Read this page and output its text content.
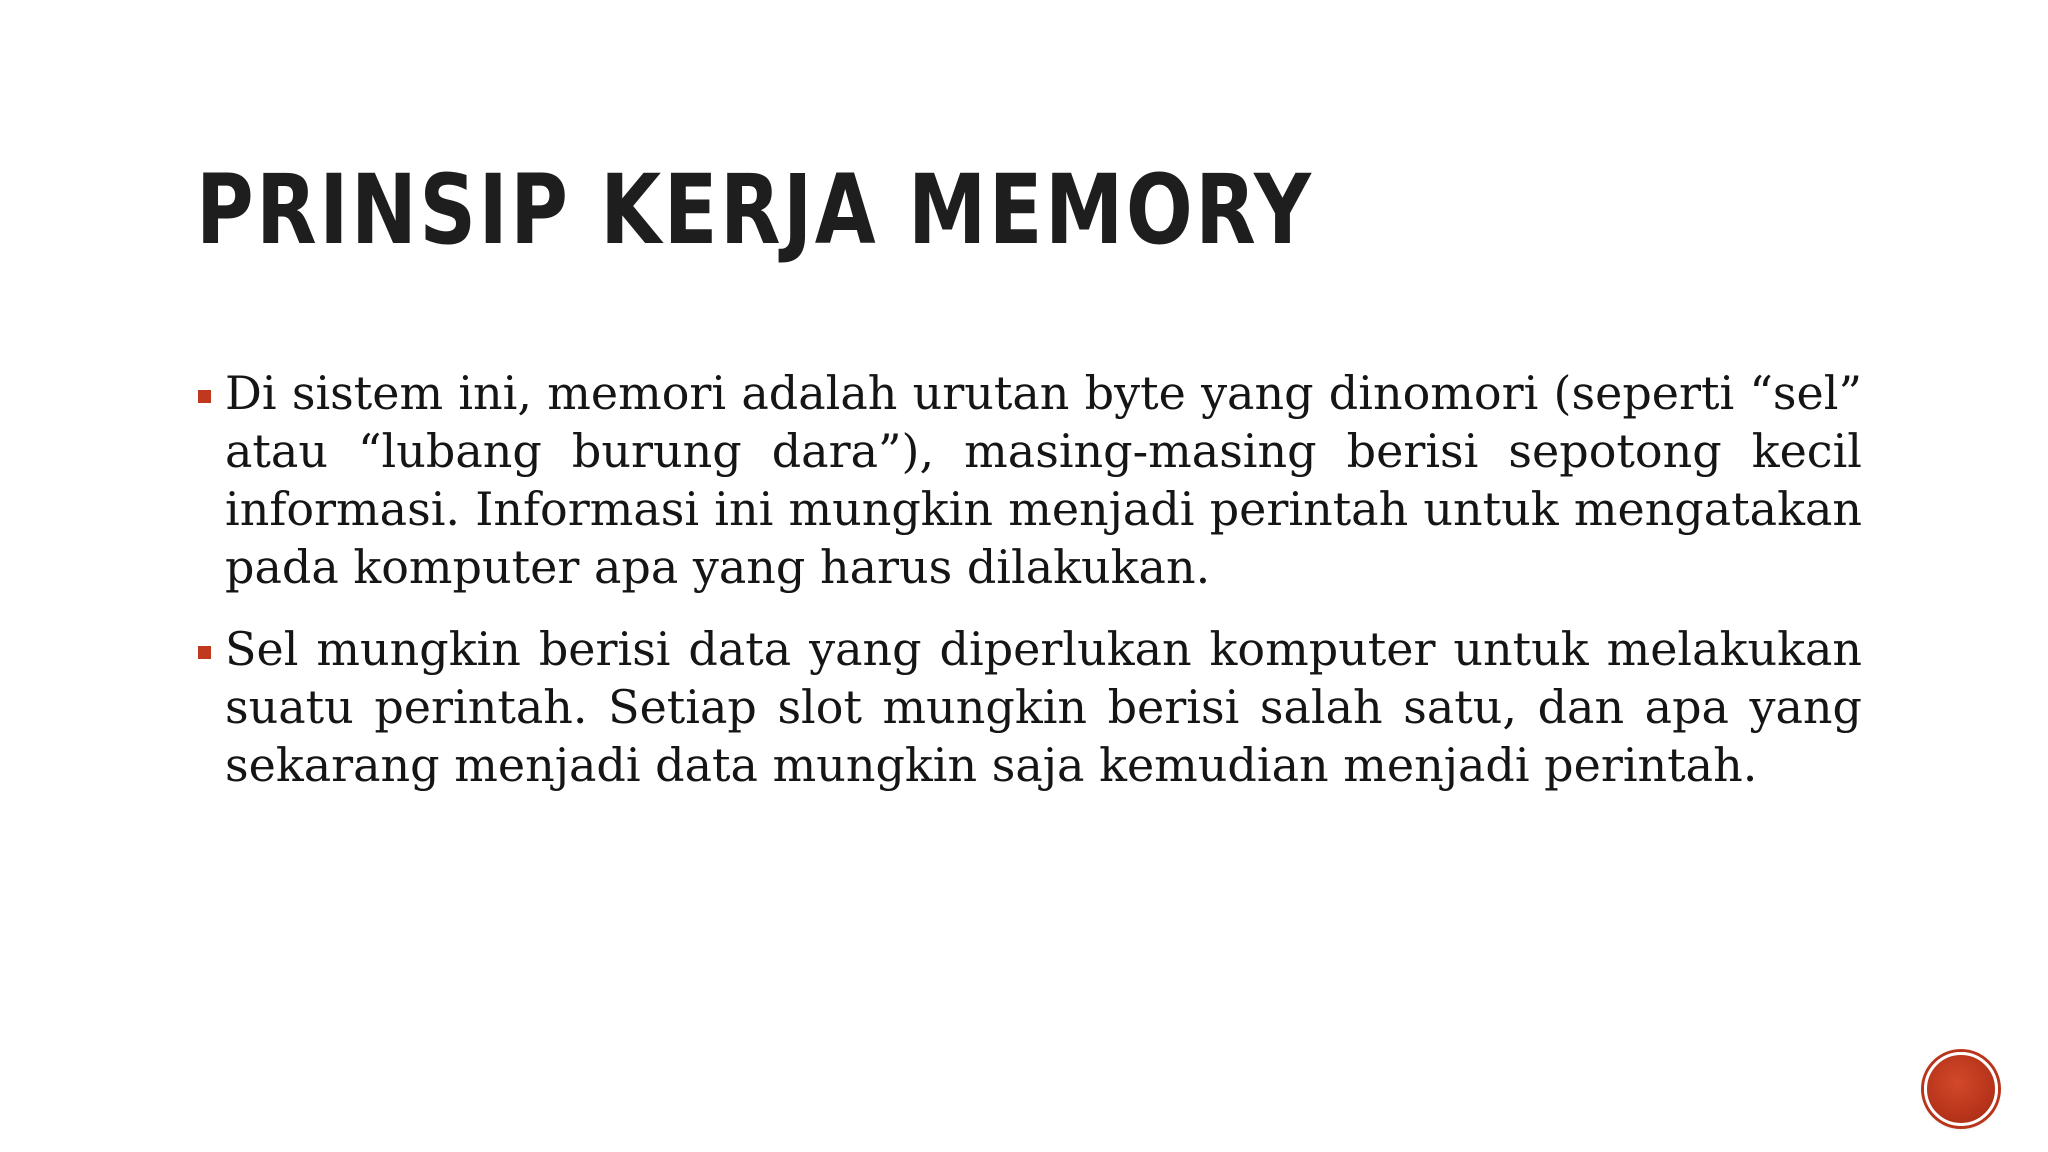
PRINSIP KERJA MEMORY
Di sistem ini, memori adalah urutan byte yang dinomori (seperti “sel” atau “lubang burung dara”), masing-masing berisi sepotong kecil informasi. Informasi ini mungkin menjadi perintah untuk mengatakan pada komputer apa yang harus dilakukan.
Sel mungkin berisi data yang diperlukan komputer untuk melakukan suatu perintah. Setiap slot mungkin berisi salah satu, dan apa yang sekarang menjadi data mungkin saja kemudian menjadi perintah.
